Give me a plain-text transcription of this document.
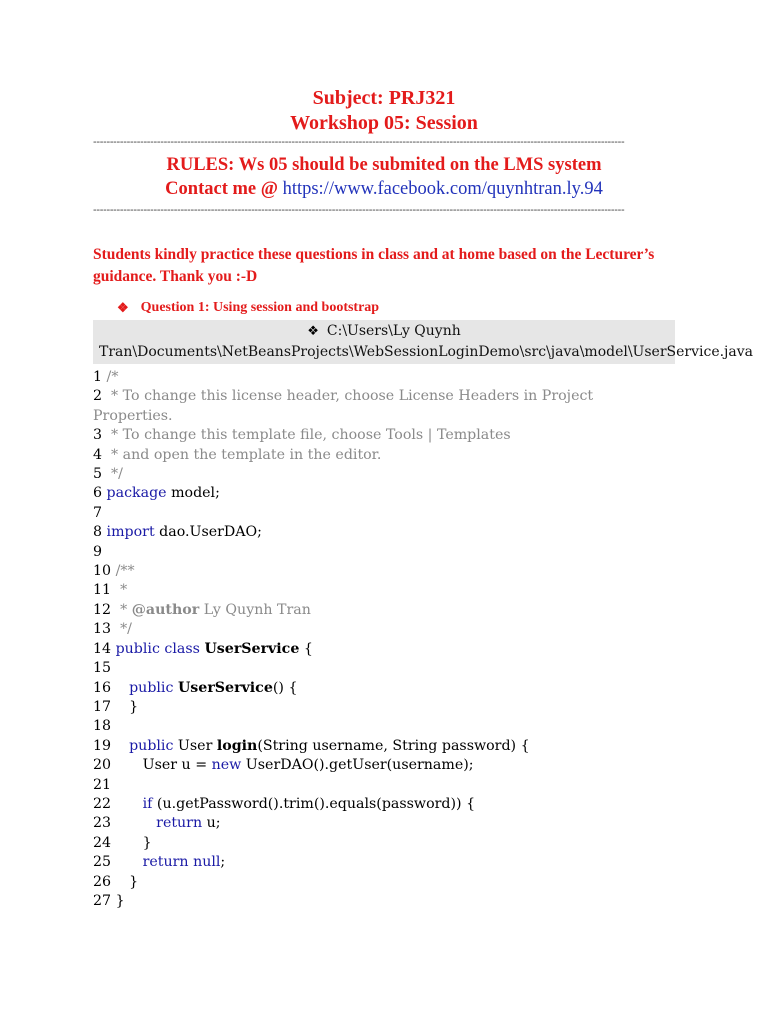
Subject: PRJ321
Workshop 05: Session
--------------------------------------------------------------------------------------------------------------------------------------------------------------
RULES: Ws 05 should be submited on the LMS system
Contact me @ https://www.facebook.com/quynhtran.ly.94
--------------------------------------------------------------------------------------------------------------------------------------------------------------
Students kindly practice these questions in class and at home based on the Lecturer’s guidance. Thank you :-D
❖ Question 1: Using session and bootstrap
❖ C:\Users\Ly Quynh Tran\Documents\NetBeansProjects\WebSessionLoginDemo\src\java\model\UserService.java
1 /*
2  * To change this license header, choose License Headers in Project Properties.
3  * To change this template file, choose Tools | Templates
4  * and open the template in the editor.
5  */
6 package model;
7
8 import dao.UserDAO;
9
10 /**
11  *
12  * @author Ly Quynh Tran
13  */
14 public class UserService {
15
16    public UserService() {
17    }
18
19    public User login(String username, String password) {
20       User u = new UserDAO().getUser(username);
21
22       if (u.getPassword().trim().equals(password)) {
23          return u;
24       }
25       return null;
26    }
27 }
